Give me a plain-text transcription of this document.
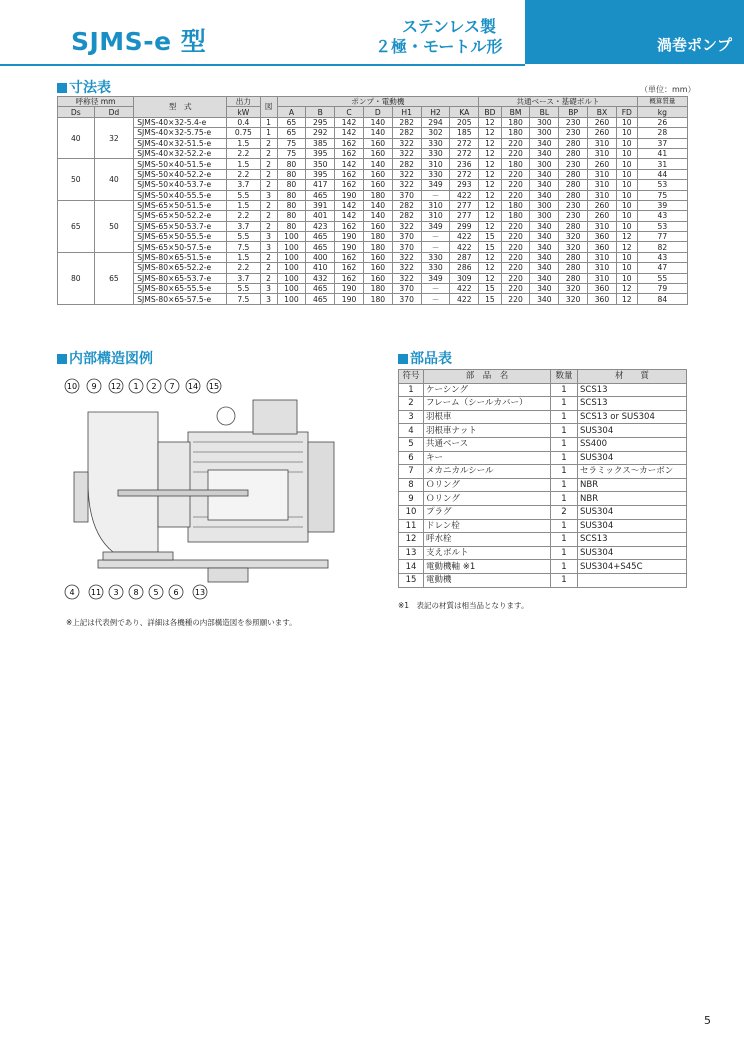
SJMS-e 型
ステンレス製
２極・モートル形	渦巻ポンプ
寸法表	（単位：mm）
呼称径 mm		型　式	出力	図	ポンプ・電動機							共通ベース・基礎ボルト						概算質量
Ds	Dd		kW		A	B	C	D	H1	H2	KA	BD	BM	BL	BP	BX	FD	kg
40	32	SJMS-40×32-5.4-e	0.4	1	65	295	142	140	282	294	205	12	180	300	230	260	10	26
		SJMS-40×32-5.75-e	0.75	1	65	292	142	140	282	302	185	12	180	300	230	260	10	28
		SJMS-40×32-51.5-e	1.5	2	75	385	162	160	322	330	272	12	220	340	280	310	10	37
		SJMS-40×32-52.2-e	2.2	2	75	395	162	160	322	330	272	12	220	340	280	310	10	41
50	40	SJMS-50×40-51.5-e	1.5	2	80	350	142	140	282	310	236	12	180	300	230	260	10	31
		SJMS-50×40-52.2-e	2.2	2	80	395	162	160	322	330	272	12	220	340	280	310	10	44
		SJMS-50×40-53.7-e	3.7	2	80	417	162	160	322	349	293	12	220	340	280	310	10	53
		SJMS-50×40-55.5-e	5.5	3	80	465	190	180	370	－	422	12	220	340	280	310	10	75
65	50	SJMS-65×50-51.5-e	1.5	2	80	391	142	140	282	310	277	12	180	300	230	260	10	39
		SJMS-65×50-52.2-e	2.2	2	80	401	142	140	282	310	277	12	180	300	230	260	10	43
		SJMS-65×50-53.7-e	3.7	2	80	423	162	160	322	349	299	12	220	340	280	310	10	53
		SJMS-65×50-55.5-e	5.5	3	100	465	190	180	370	－	422	15	220	340	320	360	12	77
		SJMS-65×50-57.5-e	7.5	3	100	465	190	180	370	－	422	15	220	340	320	360	12	82
80	65	SJMS-80×65-51.5-e	1.5	2	100	400	162	160	322	330	287	12	220	340	280	310	10	43
		SJMS-80×65-52.2-e	2.2	2	100	410	162	160	322	330	286	12	220	340	280	310	10	47
		SJMS-80×65-53.7-e	3.7	2	100	432	162	160	322	349	309	12	220	340	280	310	10	55
		SJMS-80×65-55.5-e	5.5	3	100	465	190	180	370	－	422	15	220	340	320	360	12	79
		SJMS-80×65-57.5-e	7.5	3	100	465	190	180	370	－	422	15	220	340	320	360	12	84
内部構造図例
10 9 12 1 2 7 14 15
4 11 3 8 5 6 13
※上記は代表例であり、詳細は各機種の内部構造図を参照願います。
部品表
符号	部　品　名	数量	材　　質
1	ケーシング	1	SCS13
2	フレーム（シールカバー）	1	SCS13
3	羽根車	1	SCS13 or SUS304
4	羽根車ナット	1	SUS304
5	共通ベース	1	SS400
6	キー	1	SUS304
7	メカニカルシール	1	セラミックス～カーボン
8	Ｏリング	1	NBR
9	Ｏリング	1	NBR
10	プラグ	2	SUS304
11	ドレン栓	1	SUS304
12	呼水栓	1	SCS13
13	支えボルト	1	SUS304
14	電動機軸 ※1	1	SUS304+S45C
15	電動機	1	
※1　表記の材質は相当品となります。
5
